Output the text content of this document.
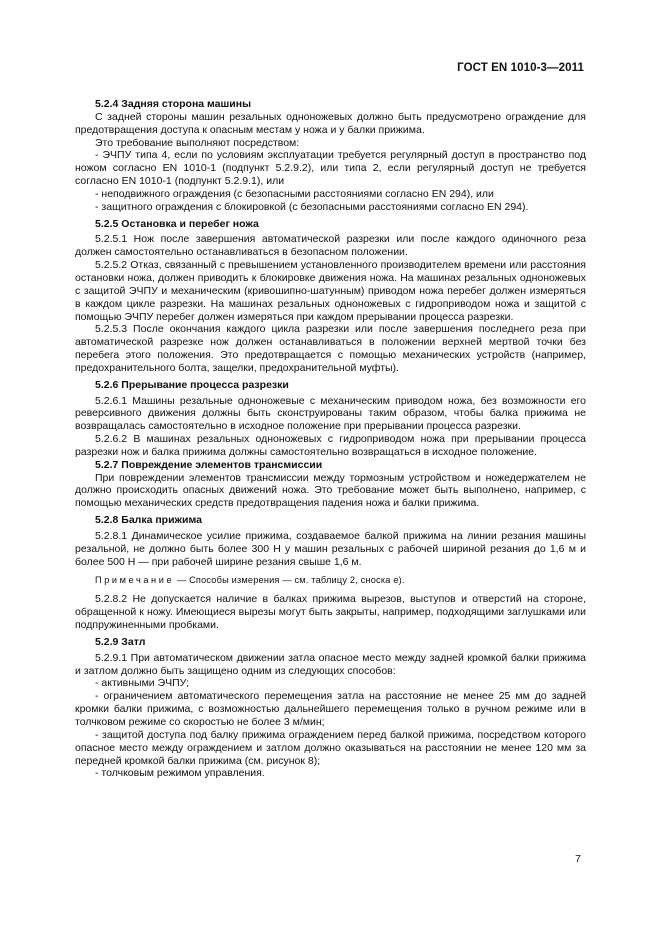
ГОСТ EN 1010-3—2011

5.2.4 Задняя сторона машины

С задней стороны машин резальных одноножевых должно быть предусмотрено ограждение для предотвращения доступа к опасным местам у ножа и у балки прижима.

Это требование выполняют посредством:

- ЭЧПУ типа 4, если по условиям эксплуатации требуется регулярный доступ в пространство под ножом согласно EN 1010-1 (подпункт 5.2.9.2), или типа 2, если регулярный доступ не требуется согласно EN 1010-1 (подпункт 5.2.9.1), или

- неподвижного ограждения (с безопасными расстояниями согласно EN 294), или

- защитного ограждения с блокировкой (с безопасными расстояниями согласно EN 294).

5.2.5 Остановка и перебег ножа

5.2.5.1 Нож после завершения автоматической разрезки или после каждого одиночного реза должен самостоятельно останавливаться в безопасном положении.

5.2.5.2 Отказ, связанный с превышением установленного производителем времени или расстояния остановки ножа, должен приводить к блокировке движения ножа. На машинах резальных одноножевых с защитой ЭЧПУ и механическим (кривошипно-шатунным) приводом ножа перебег должен измеряться в каждом цикле разрезки. На машинах резальных одноножевых с гидроприводом ножа и защитой с помощью ЭЧПУ перебег должен измеряться при каждом прерывании процесса разрезки.

5.2.5.3 После окончания каждого цикла разрезки или после завершения последнего реза при автоматической разрезке нож должен останавливаться в положении верхней мертвой точки без перебега этого положения. Это предотвращается с помощью механических устройств (например, предохранительного болта, защелки, предохранительной муфты).

5.2.6 Прерывание процесса разрезки

5.2.6.1 Машины резальные одноножевые с механическим приводом ножа, без возможности его реверсивного движения должны быть сконструированы таким образом, чтобы балка прижима не возвращалась самостоятельно в исходное положение при прерывании процесса разрезки.

5.2.6.2 В машинах резальных одноножевых с гидроприводом ножа при прерывании процесса разрезки нож и балка прижима должны самостоятельно возвращаться в исходное положение.

5.2.7 Повреждение элементов трансмиссии

При повреждении элементов трансмиссии между тормозным устройством и ножедержателем не должно происходить опасных движений ножа. Это требование может быть выполнено, например, с помощью механических средств предотвращения падения ножа и балки прижима.

5.2.8 Балка прижима

5.2.8.1 Динамическое усилие прижима, создаваемое балкой прижима на линии резания машины резальной, не должно быть более 300 Н у машин резальных с рабочей шириной резания до 1,6 м и более 500 Н — при рабочей ширине резания свыше 1,6 м.

Примечание — Способы измерения — см. таблицу 2, сноска е).

5.2.8.2 Не допускается наличие в балках прижима вырезов, выступов и отверстий на стороне, обращенной к ножу. Имеющиеся вырезы могут быть закрыты, например, подходящими заглушками или подпружиненными пробками.

5.2.9 Затл

5.2.9.1 При автоматическом движении затла опасное место между задней кромкой балки прижима и затлом должно быть защищено одним из следующих способов:

- активными ЭЧПУ;

- ограничением автоматического перемещения затла на расстояние не менее 25 мм до задней кромки балки прижима, с возможностью дальнейшего перемещения только в ручном режиме или в толчковом режиме со скоростью не более 3 м/мин;

- защитой доступа под балку прижима ограждением перед балкой прижима, посредством которого опасное место между ограждением и затлом должно оказываться на расстоянии не менее 120 мм за передней кромкой балки прижима (см. рисунок 8);

- толчковым режимом управления.

7
